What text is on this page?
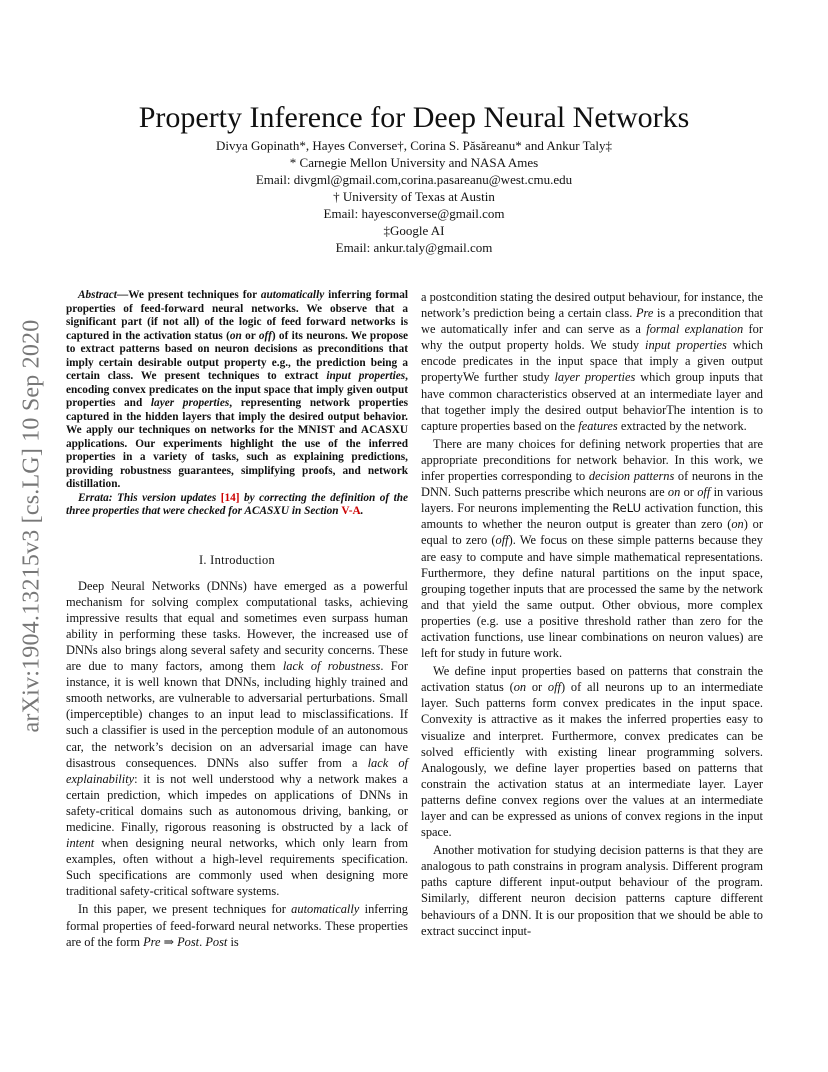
arXiv:1904.13215v3 [cs.LG] 10 Sep 2020
Property Inference for Deep Neural Networks
Divya Gopinath*, Hayes Converse†, Corina S. Păsăreanu* and Ankur Taly‡
* Carnegie Mellon University and NASA Ames
Email: divgml@gmail.com,corina.pasareanu@west.cmu.edu
† University of Texas at Austin
Email: hayesconverse@gmail.com
‡Google AI
Email: ankur.taly@gmail.com

Abstract—We present techniques for automatically inferring formal properties of feed-forward neural networks. We observe that a significant part (if not all) of the logic of feed forward networks is captured in the activation status (on or off) of its neurons. We propose to extract patterns based on neuron decisions as preconditions that imply certain desirable output property e.g., the prediction being a certain class. We present techniques to extract input properties, encoding convex predicates on the input space that imply given output properties and layer properties, representing network properties captured in the hidden layers that imply the desired output behavior. We apply our techniques on networks for the MNIST and ACASXU applications. Our experiments highlight the use of the inferred properties in a variety of tasks, such as explaining predictions, providing robustness guarantees, simplifying proofs, and network distillation.

Errata: This version updates [14] by correcting the definition of the three properties that were checked for ACASXU in Section V-A.

I. Introduction

Deep Neural Networks (DNNs) have emerged as a powerful mechanism for solving complex computational tasks, achieving impressive results that equal and sometimes even surpass human ability in performing these tasks. However, the increased use of DNNs also brings along several safety and security concerns. These are due to many factors, among them lack of robustness. For instance, it is well known that DNNs, including highly trained and smooth networks, are vulnerable to adversarial perturbations. Small (imperceptible) changes to an input lead to misclassifications. If such a classifier is used in the perception module of an autonomous car, the network’s decision on an adversarial image can have disastrous consequences. DNNs also suffer from a lack of explainability: it is not well understood why a network makes a certain prediction, which impedes on applications of DNNs in safety-critical domains such as autonomous driving, banking, or medicine. Finally, rigorous reasoning is obstructed by a lack of intent when designing neural networks, which only learn from examples, often without a high-level requirements specification. Such specifications are commonly used when designing more traditional safety-critical software systems.

In this paper, we present techniques for automatically inferring formal properties of feed-forward neural networks. These properties are of the form Pre ⇒ Post. Post is

a postcondition stating the desired output behaviour, for instance, the network’s prediction being a certain class. Pre is a precondition that we automatically infer and can serve as a formal explanation for why the output property holds. We study input properties which encode predicates in the input space that imply a given output propertyWe further study layer properties which group inputs that have common characteristics observed at an intermediate layer and that together imply the desired output behaviorThe intention is to capture properties based on the features extracted by the network.

There are many choices for defining network properties that are appropriate preconditions for network behavior. In this work, we infer properties corresponding to decision patterns of neurons in the DNN. Such patterns prescribe which neurons are on or off in various layers. For neurons implementing the ReLU activation function, this amounts to whether the neuron output is greater than zero (on) or equal to zero (off). We focus on these simple patterns because they are easy to compute and have simple mathematical representations. Furthermore, they define natural partitions on the input space, grouping together inputs that are processed the same by the network and that yield the same output. Other obvious, more complex properties (e.g. use a positive threshold rather than zero for the activation functions, use linear combinations on neuron values) are left for study in future work.

We define input properties based on patterns that constrain the activation status (on or off) of all neurons up to an intermediate layer. Such patterns form convex predicates in the input space. Convexity is attractive as it makes the inferred properties easy to visualize and interpret. Furthermore, convex predicates can be solved efficiently with existing linear programming solvers. Analogously, we define layer properties based on patterns that constrain the activation status at an intermediate layer. Layer patterns define convex regions over the values at an intermediate layer and can be expressed as unions of convex regions in the input space.

Another motivation for studying decision patterns is that they are analogous to path constrains in program analysis. Different program paths capture different input-output behaviour of the program. Similarly, different neuron decision patterns capture different behaviours of a DNN. It is our proposition that we should be able to extract succinct input-
